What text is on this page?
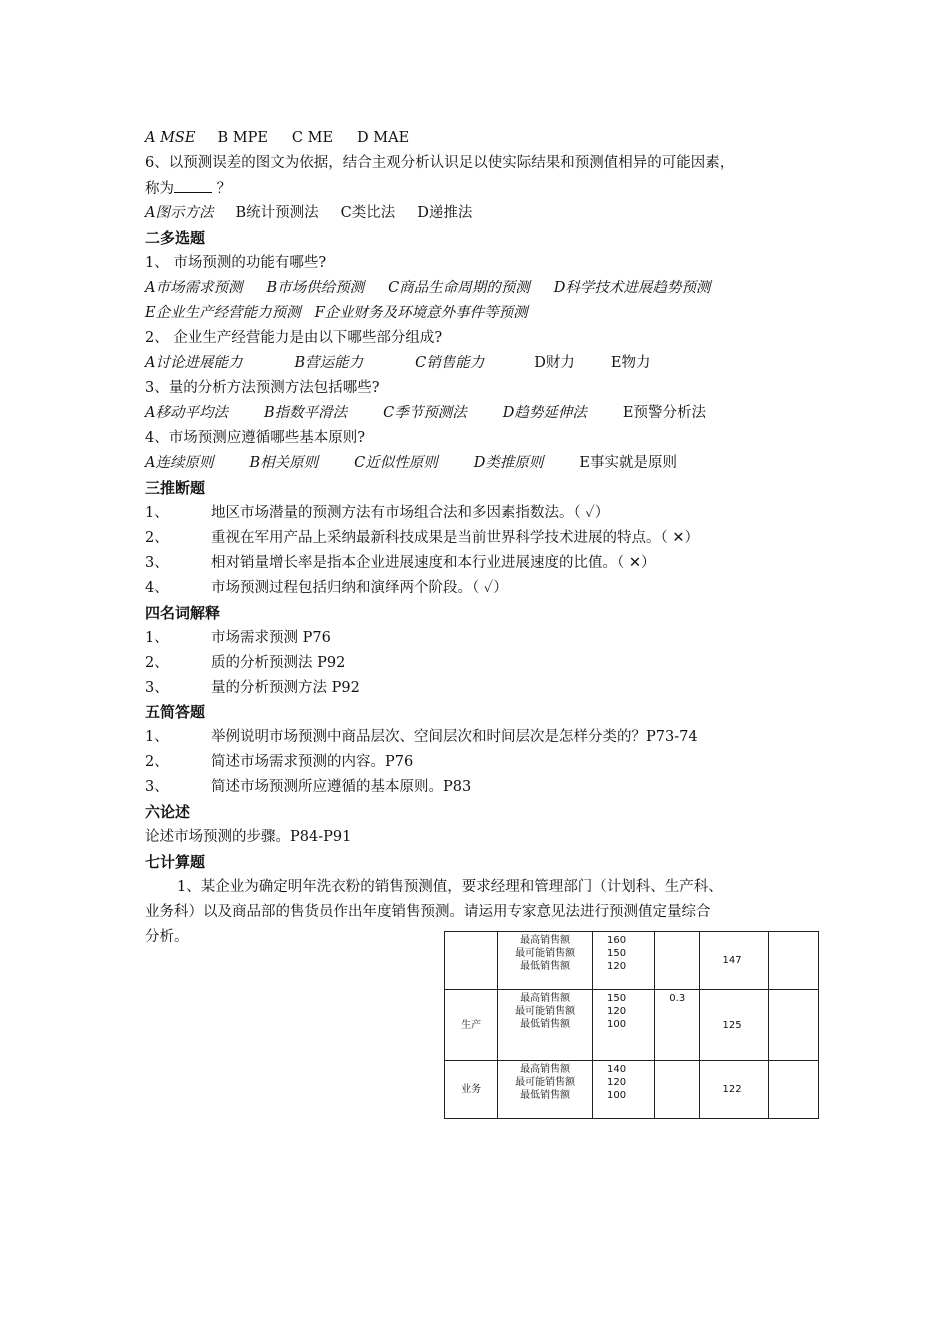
A MSE B MPE C ME D MAE
6、以预测误差的图文为依据，结合主观分析认识足以使实际结果和预测值相异的可能因素，
称为	？
A图示方法 B统计预测法 C类比法 D递推法
二多选题
1、 市场预测的功能有哪些?
A市场需求预测 B市场供给预测 C商品生命周期的预测 D科学技术进展趋势预测
E企业生产经营能力预测 F企业财务及环境意外事件等预测
2、 企业生产经营能力是由以下哪些部分组成?
A讨论进展能力	B营运能力	C销售能力	D财力 E物力
3、量的分析方法预测方法包括哪些?
A移动平均法 B指数平滑法 C季节预测法 D趋势延伸法 E预警分析法
4、市场预测应遵循哪些基本原则?
A连续原则 B相关原则 C近似性原则 D类推原则 E事实就是原则
三推断题
1、	地区市场潜量的预测方法有市场组合法和多因素指数法。（ ✓）
2、	重视在军用产品上采纳最新科技成果是当前世界科学技术进展的特点。（ ✕）
3、	相对销量增长率是指本企业进展速度和本行业进展速度的比值。（ ✕）
4、	市场预测过程包括归纳和演绎两个阶段。（ ✓）
四名词解释
1、	市场需求预测 P76
2、	质的分析预测法 P92
3、	量的分析预测方法 P92
五简答题
1、	举例说明市场预测中商品层次、空间层次和时间层次是怎样分类的？P73-74
2、	简述市场需求预测的内容。P76
3、	简述市场预测所应遵循的基本原则。P83
六论述
论述市场预测的步骤。P84-P91
七计算题
1、某企业为确定明年洗衣粉的销售预测值，要求经理和管理部门（计划科、生产科、
业务科）以及商品部的售货员作出年度销售预测。请运用专家意见法进行预测值定量综合
分析。

	最高销售额
最可能销售额
最低销售额	160
150
120		147	
生产	最高销售额
最可能销售额
最低销售额	150
120
100	0.3	125	
业务	最高销售额
最可能销售额
最低销售额	140
120
100		122	
